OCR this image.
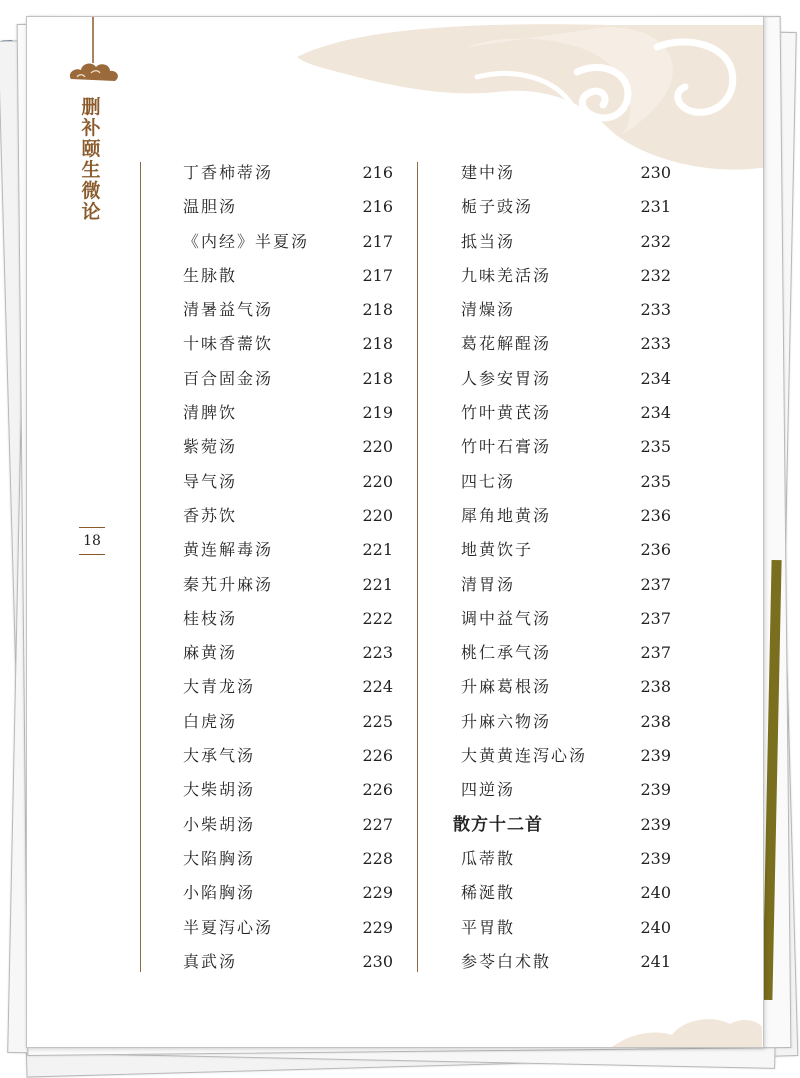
删补颐生微论
18
丁香柿蒂汤	216
温胆汤	216
《内经》半夏汤	217
生脉散	217
清暑益气汤	218
十味香薷饮	218
百合固金汤	218
清脾饮	219
紫菀汤	220
导气汤	220
香苏饮	220
黄连解毒汤	221
秦艽升麻汤	221
桂枝汤	222
麻黄汤	223
大青龙汤	224
白虎汤	225
大承气汤	226
大柴胡汤	226
小柴胡汤	227
大陷胸汤	228
小陷胸汤	229
半夏泻心汤	229
真武汤	230
建中汤	230
栀子豉汤	231
抵当汤	232
九味羌活汤	232
清燥汤	233
葛花解酲汤	233
人参安胃汤	234
竹叶黄芪汤	234
竹叶石膏汤	235
四七汤	235
犀角地黄汤	236
地黄饮子	236
清胃汤	237
调中益气汤	237
桃仁承气汤	237
升麻葛根汤	238
升麻六物汤	238
大黄黄连泻心汤	239
四逆汤	239
散方十二首	239
瓜蒂散	239
稀涎散	240
平胃散	240
参苓白术散	241
